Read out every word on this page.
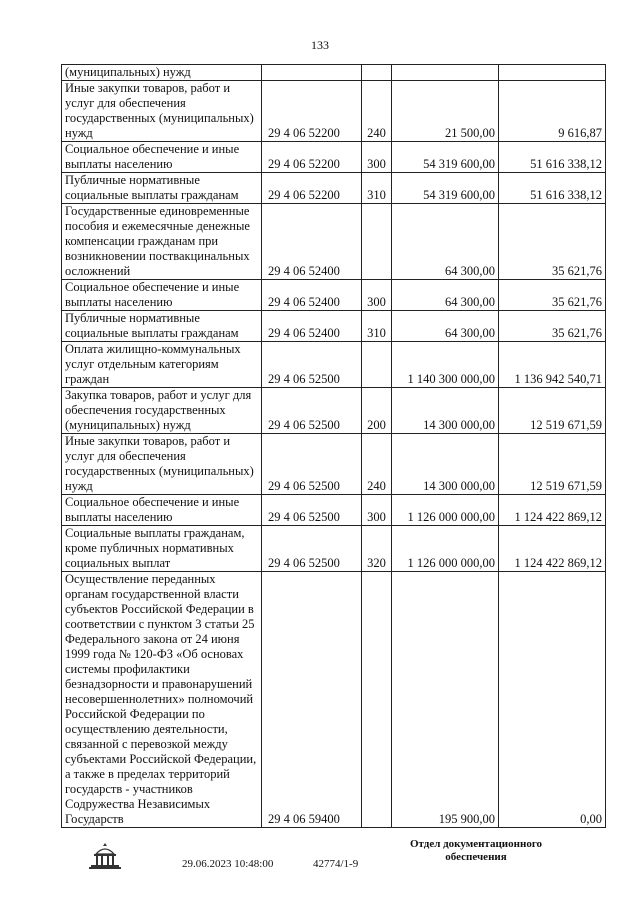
133
(муниципальных) нужд				
Иные закупки товаров, работ и услуг для обеспечения государственных (муниципальных) нужд	29 4 06 52200	240	21 500,00	9 616,87
Социальное обеспечение и иные выплаты населению	29 4 06 52200	300	54 319 600,00	51 616 338,12
Публичные нормативные социальные выплаты гражданам	29 4 06 52200	310	54 319 600,00	51 616 338,12
Государственные единовременные пособия и ежемесячные денежные компенсации гражданам при возникновении поствакцинальных осложнений	29 4 06 52400		64 300,00	35 621,76
Социальное обеспечение и иные выплаты населению	29 4 06 52400	300	64 300,00	35 621,76
Публичные нормативные социальные выплаты гражданам	29 4 06 52400	310	64 300,00	35 621,76
Оплата жилищно-коммунальных услуг отдельным категориям граждан	29 4 06 52500		1 140 300 000,00	1 136 942 540,71
Закупка товаров, работ и услуг для обеспечения государственных (муниципальных) нужд	29 4 06 52500	200	14 300 000,00	12 519 671,59
Иные закупки товаров, работ и услуг для обеспечения государственных (муниципальных) нужд	29 4 06 52500	240	14 300 000,00	12 519 671,59
Социальное обеспечение и иные выплаты населению	29 4 06 52500	300	1 126 000 000,00	1 124 422 869,12
Социальные выплаты гражданам, кроме публичных нормативных социальных выплат	29 4 06 52500	320	1 126 000 000,00	1 124 422 869,12
Осуществление переданных органам государственной власти субъектов Российской Федерации в соответствии с пунктом 3 статьи 25 Федерального закона от 24 июня 1999 года № 120-ФЗ «Об основах системы профилактики безнадзорности и правонарушений несовершеннолетних» полномочий Российской Федерации по осуществлению деятельности, связанной с перевозкой между субъектами Российской Федерации, а также в пределах территорий государств - участников Содружества Независимых Государств	29 4 06 59400		195 900,00	0,00
29.06.2023 10:48:00	42774/1-9
Отдел документационного обеспечения
